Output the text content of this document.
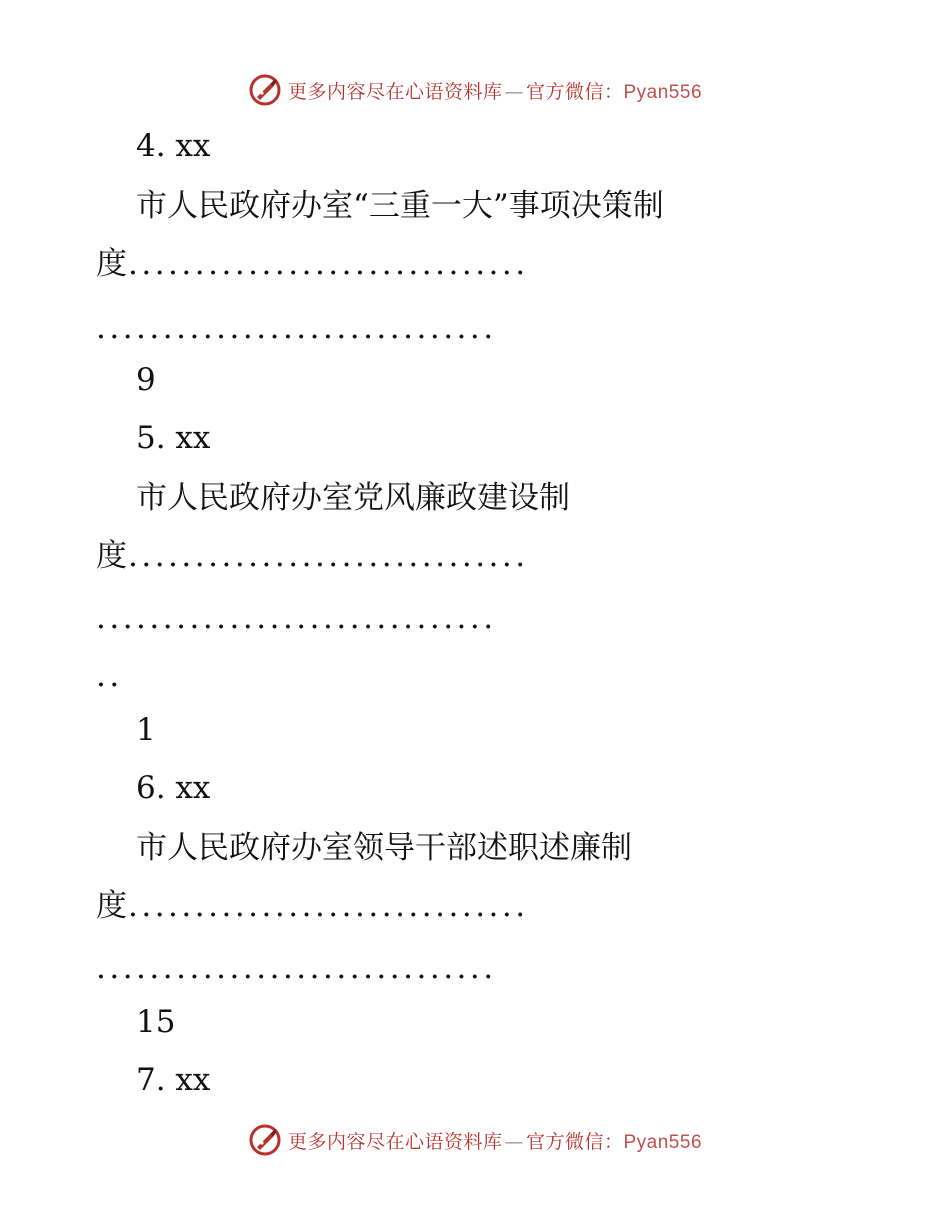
更多内容尽在心语资料库 — 官方微信：Pyan556
4. xx
市人民政府办室“三重一大”事项决策制
度 ..............................
..............................
9
5. xx
市人民政府办室党风廉政建设制
度 ..............................
..............................
..
1
6. xx
市人民政府办室领导干部述职述廉制
度 ..............................
..............................
15
7. xx
更多内容尽在心语资料库 — 官方微信：Pyan556
